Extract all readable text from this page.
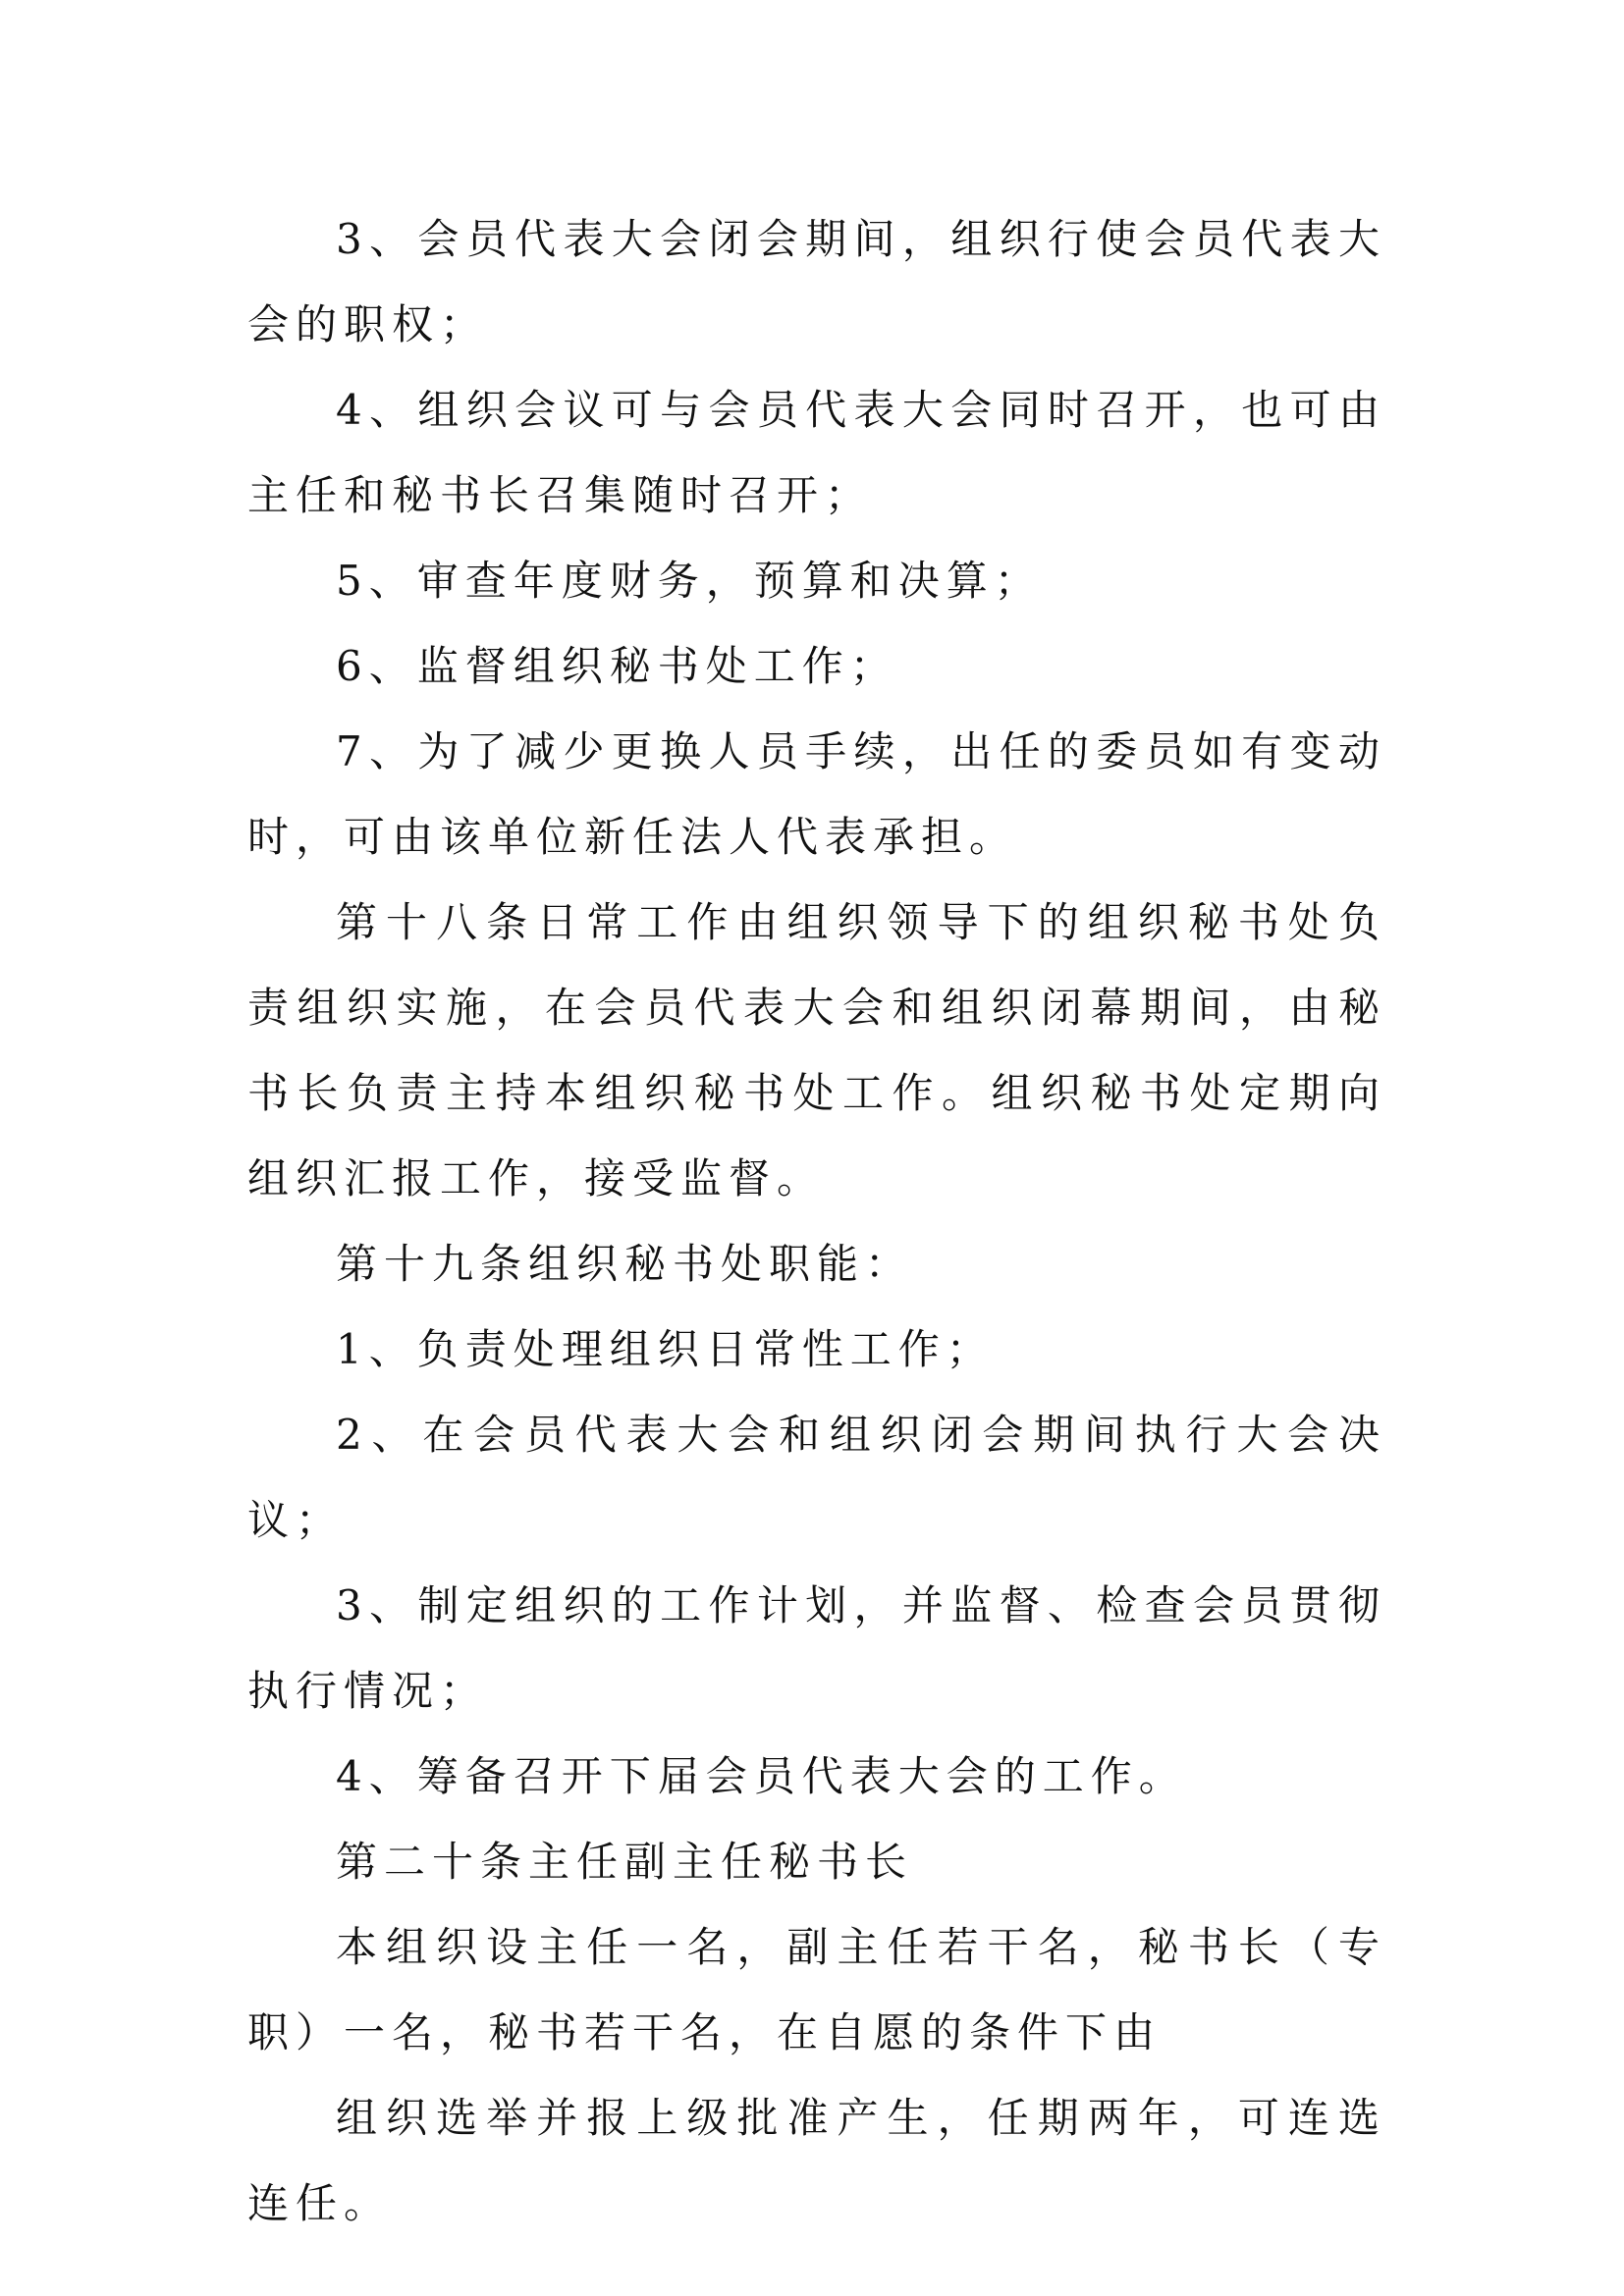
3、会员代表大会闭会期间，组织行使会员代表大会的职权；

4、组织会议可与会员代表大会同时召开，也可由主任和秘书长召集随时召开；

5、审查年度财务，预算和决算；

6、监督组织秘书处工作；

7、为了减少更换人员手续，出任的委员如有变动时，可由该单位新任法人代表承担。

第十八条日常工作由组织领导下的组织秘书处负责组织实施，在会员代表大会和组织闭幕期间，由秘书长负责主持本组织秘书处工作。组织秘书处定期向组织汇报工作，接受监督。

第十九条组织秘书处职能：

1、负责处理组织日常性工作；

2、在会员代表大会和组织闭会期间执行大会决议；

3、制定组织的工作计划，并监督、检查会员贯彻执行情况；

4、筹备召开下届会员代表大会的工作。

第二十条主任副主任秘书长

本组织设主任一名，副主任若干名，秘书长（专职）一名，秘书若干名，在自愿的条件下由

组织选举并报上级批准产生，任期两年，可连选连任。
